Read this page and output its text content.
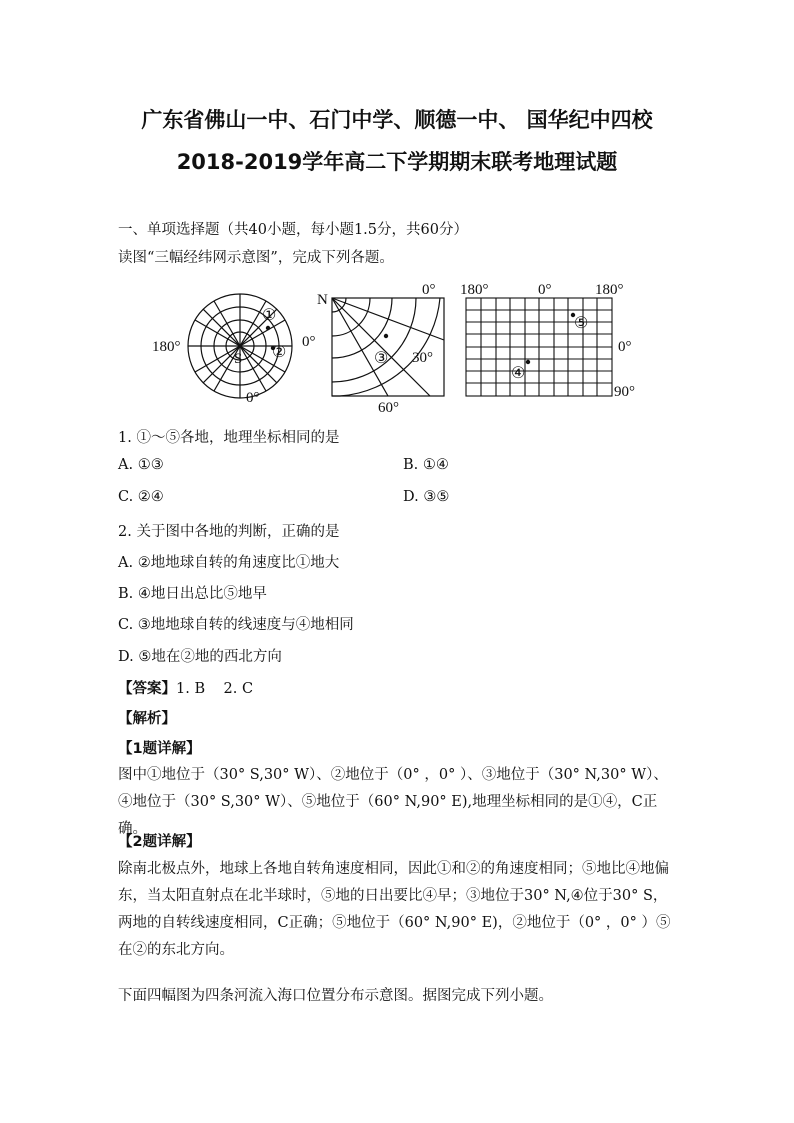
广东省佛山一中、石门中学、顺德一中、 国华纪中四校
2018-2019学年高二下学期期末联考地理试题
一、单项选择题（共40小题，每小题1.5分，共60分）
读图“三幅经纬网示意图”，完成下列各题。
①
②
S
180°	0°
0°
N
0°
③ 30°
60°
180°	0°	180°
0°
90°
④
⑤
1. ①～⑤各地，地理坐标相同的是
A. ①③	B. ①④
C. ②④	D. ③⑤
2. 关于图中各地的判断，正确的是
A. ②地地球自转的角速度比①地大
B. ④地日出总比⑤地早
C. ③地地球自转的线速度与④地相同
D. ⑤地在②地的西北方向
【答案】1. B    2. C
【解析】
【1题详解】
图中①地位于（30° S,30° W）、②地位于（0° ，0° ）、③地位于（30° N,30° W）、④地位于（30° S,30° W）、⑤地位于（60° N,90° E),地理坐标相同的是①④，C正确。
【2题详解】
除南北极点外，地球上各地自转角速度相同，因此①和②的角速度相同；⑤地比④地偏东，当太阳直射点在北半球时，⑤地的日出要比④早；③地位于30° N,④位于30° S，两地的自转线速度相同，C正确；⑤地位于（60° N,90° E)，②地位于（0° ，0° ）⑤在②的东北方向。
下面四幅图为四条河流入海口位置分布示意图。据图完成下列小题。
